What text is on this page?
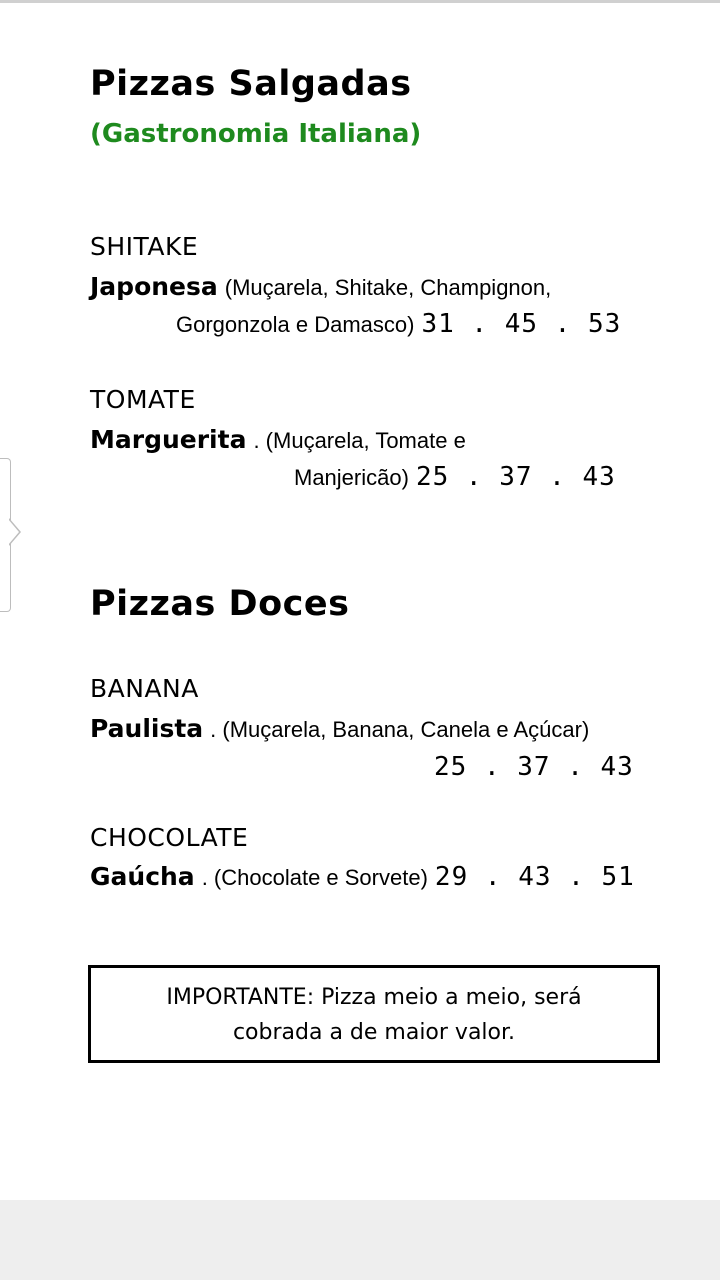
Pizzas Salgadas
(Gastronomia Italiana)
SHITAKE
Japonesa (Muçarela, Shitake, Champignon,
Gorgonzola e Damasco) 31 . 45 . 53
TOMATE
Marguerita . (Muçarela, Tomate e
Manjericão) 25 . 37 . 43
Pizzas Doces
BANANA
Paulista . (Muçarela, Banana, Canela e Açúcar)
25 . 37 . 43
CHOCOLATE
Gaúcha . (Chocolate e Sorvete) 29 . 43 . 51
IMPORTANTE: Pizza meio a meio, será
cobrada a de maior valor.
